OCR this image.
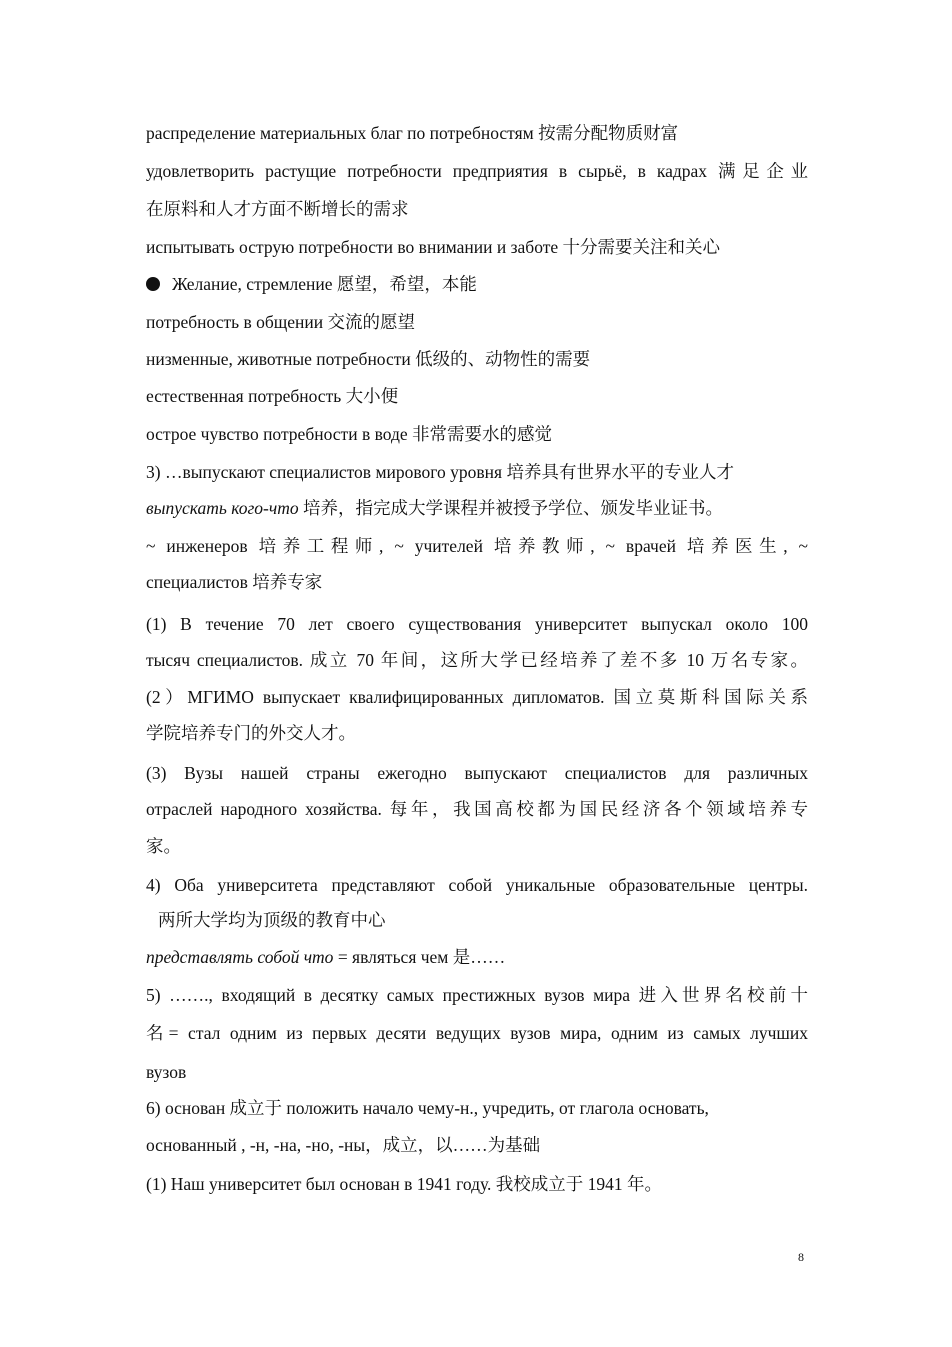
распределение материальных благ по потребностям 按需分配物质财富
удовлетворить растущие потребности предприятия в сырьё, в кадрах 满足企业
在原料和人才方面不断增长的需求
испытывать острую потребности во внимании и заботе 十分需要关注和关心
Желание, стремление 愿望，希望，本能
потребность в общении 交流的愿望
низменные, животные потребности 低级的、动物性的需要
естественная потребность 大小便
острое чувство потребности в воде 非常需要水的感觉
3) …выпускают специалистов мирового уровня 培养具有世界水平的专业人才
выпускать кого-что 培养，指完成大学课程并被授予学位、颁发毕业证书。
~ инженеров 培养工程师, ~ учителей 培养教师, ~ врачей 培养医生, ~
специалистов 培养专家
(1) В течение 70 лет своего существования университет выпускал около 100
тысяч специалистов. 成立 70 年间，这所大学已经培养了差不多 10 万名专家。
(2）МГИМО выпускает квалифицированных дипломатов. 国立莫斯科国际关系
学院培养专门的外交人才。
(3) Вузы нашей страны ежегодно выпускают специалистов для различных
отраслей народного хозяйства. 每年，我国高校都为国民经济各个领域培养专
家。
4) Оба университета представляют собой уникальные образовательные центры.
两所大学均为顶级的教育中心
представлять собой что = являться чем 是……
5) ……., входящий в десятку самых престижных вузов мира 进入世界名校前十
名= стал одним из первых десяти ведущих вузов мира, одним из самых лучших
вузов
6) основан 成立于 положить начало чему-н., учредить, от глагола основать,
основанный , -н, -на, -но, -ны，成立，以……为基础
(1) Наш университет был основан в 1941 году. 我校成立于 1941 年。
8
